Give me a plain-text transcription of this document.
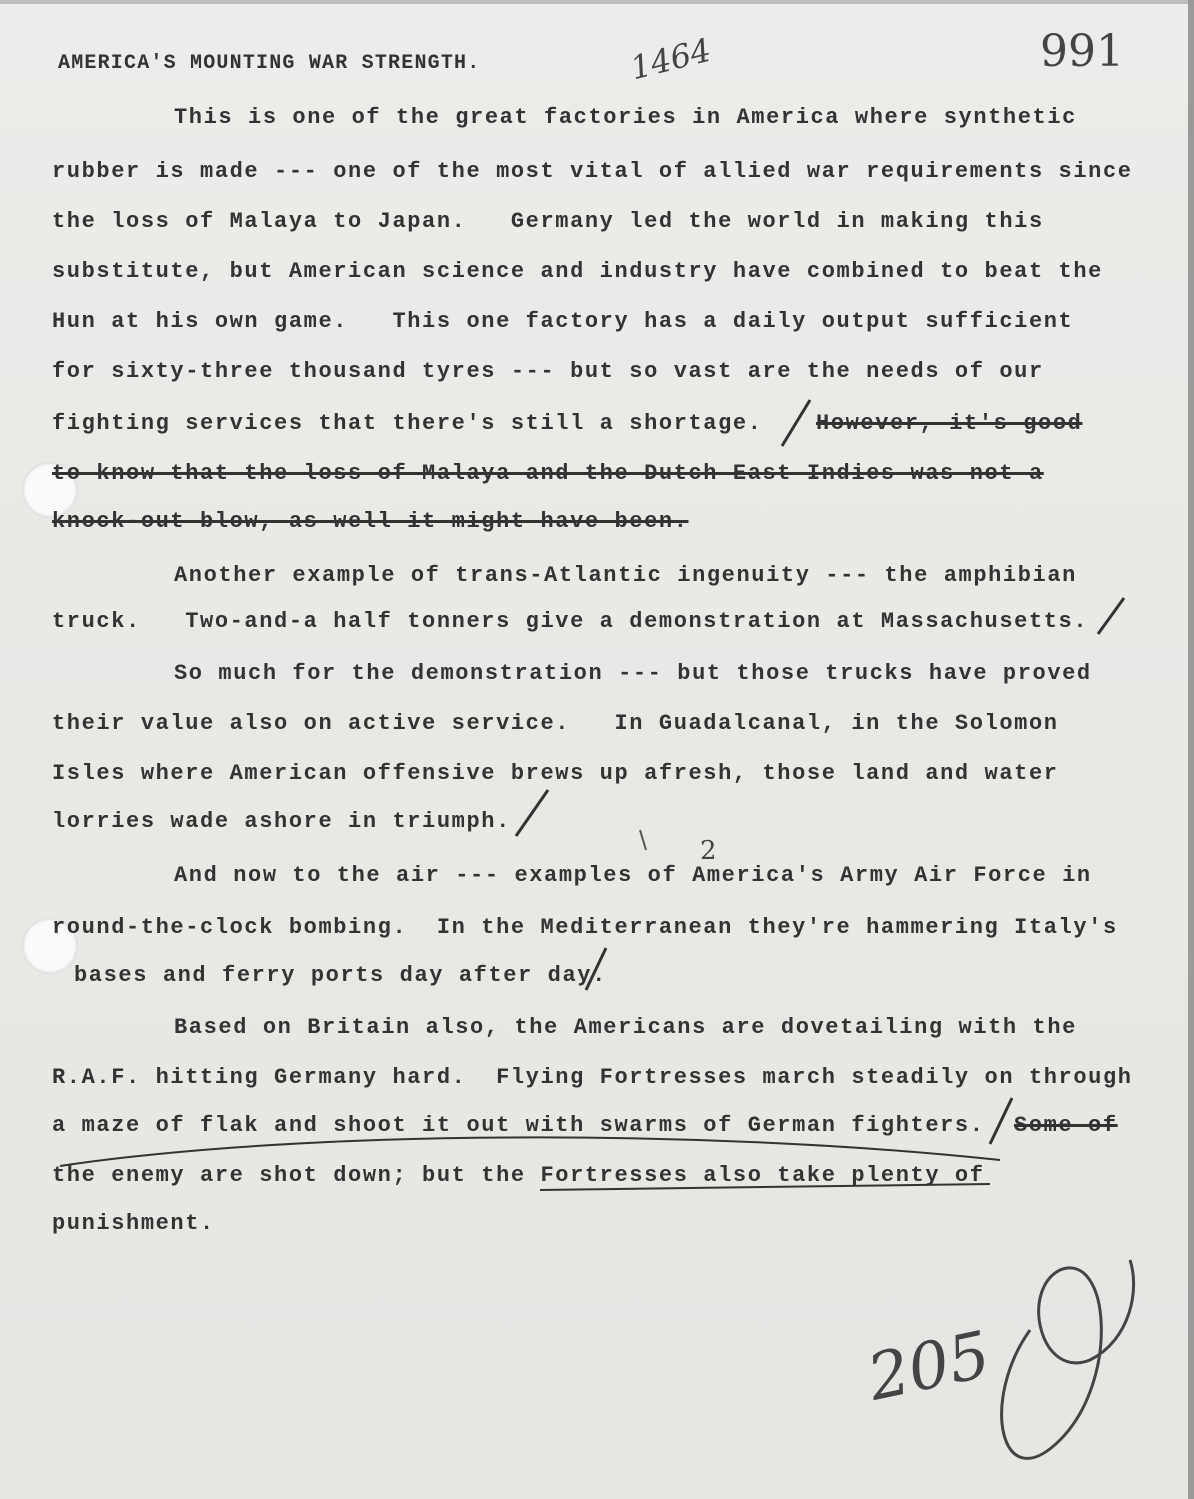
AMERICA'S MOUNTING WAR STRENGTH.	991
1464
This is one of the great factories in America where synthetic
rubber is made --- one of the most vital of allied war requirements since
the loss of Malaya to Japan.   Germany led the world in making this
substitute, but American science and industry have combined to beat the
Hun at his own game.   This one factory has a daily output sufficient
for sixty-three thousand tyres --- but so vast are the needs of our
fighting services that there's still a shortage. However, it's good
to know that the loss of Malaya and the Dutch East Indies was not a
knock-out blow, as well it might have been.
Another example of trans-Atlantic ingenuity --- the amphibian
truck.   Two-and-a half tonners give a demonstration at Massachusetts.
So much for the demonstration --- but those trucks have proved
their value also on active service.   In Guadalcanal, in the Solomon
Isles where American offensive brews up afresh, those land and water
lorries wade ashore in triumph.
2
And now to the air --- examples of America's Army Air Force in
round-the-clock bombing.  In the Mediterranean they're hammering Italy's
bases and ferry ports day after day.
Based on Britain also, the Americans are dovetailing with the
R.A.F. hitting Germany hard.  Flying Fortresses march steadily on through
a maze of flak and shoot it out with swarms of German fighters. Some of
the enemy are shot down; but the Fortresses also take plenty of
punishment.
205
